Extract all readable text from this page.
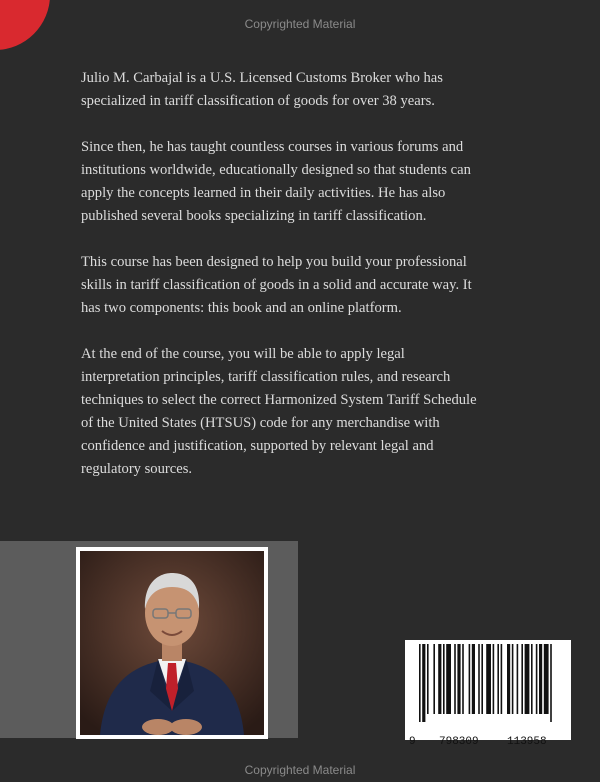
Copyrighted Material

Julio M. Carbajal is a U.S. Licensed Customs Broker who has specialized in tariff classification of goods for over 38 years.

Since then, he has taught countless courses in various forums and institutions worldwide, educationally designed so that students can apply the concepts learned in their daily activities. He has also published several books specializing in tariff classification.

This course has been designed to help you build your professional skills in tariff classification of goods in a solid and accurate way. It has two components: this book and an online platform.

At the end of the course, you will be able to apply legal interpretation principles, tariff classification rules, and research techniques to select the correct Harmonized System Tariff Schedule of the United States (HTSUS) code for any merchandise with confidence and justification, supported by relevant legal and regulatory sources.

9 798309	113958
Copyrighted Material
